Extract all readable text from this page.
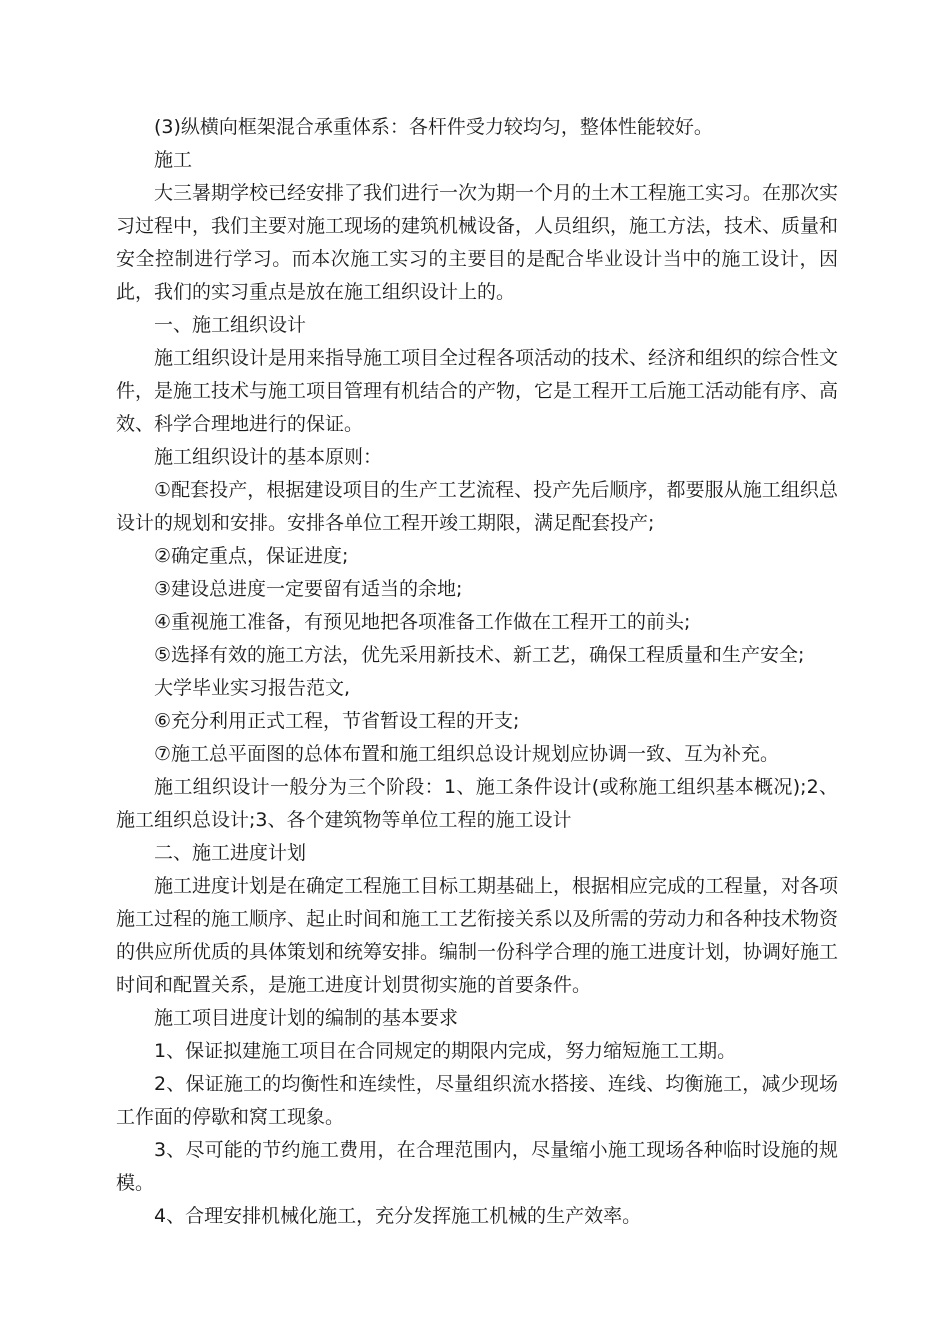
(3)纵横向框架混合承重体系：各杆件受力较均匀，整体性能较好。

施工

大三暑期学校已经安排了我们进行一次为期一个月的土木工程施工实习。在那次实习过程中，我们主要对施工现场的建筑机械设备，人员组织，施工方法，技术、质量和安全控制进行学习。而本次施工实习的主要目的是配合毕业设计当中的施工设计，因此，我们的实习重点是放在施工组织设计上的。

一、施工组织设计

施工组织设计是用来指导施工项目全过程各项活动的技术、经济和组织的综合性文件，是施工技术与施工项目管理有机结合的产物，它是工程开工后施工活动能有序、高效、科学合理地进行的保证。

施工组织设计的基本原则：

①配套投产，根据建设项目的生产工艺流程、投产先后顺序，都要服从施工组织总设计的规划和安排。安排各单位工程开竣工期限，满足配套投产;

②确定重点，保证进度;

③建设总进度一定要留有适当的余地;

④重视施工准备，有预见地把各项准备工作做在工程开工的前头;

⑤选择有效的施工方法，优先采用新技术、新工艺，确保工程质量和生产安全;

大学毕业实习报告范文,

⑥充分利用正式工程，节省暂设工程的开支;

⑦施工总平面图的总体布置和施工组织总设计规划应协调一致、互为补充。

施工组织设计一般分为三个阶段：1、施工条件设计(或称施工组织基本概况);2、施工组织总设计;3、各个建筑物等单位工程的施工设计

二、施工进度计划

施工进度计划是在确定工程施工目标工期基础上，根据相应完成的工程量，对各项施工过程的施工顺序、起止时间和施工工艺衔接关系以及所需的劳动力和各种技术物资的供应所优质的具体策划和统筹安排。编制一份科学合理的施工进度计划，协调好施工时间和配置关系，是施工进度计划贯彻实施的首要条件。

施工项目进度计划的编制的基本要求

1、保证拟建施工项目在合同规定的期限内完成，努力缩短施工工期。

2、保证施工的均衡性和连续性，尽量组织流水搭接、连线、均衡施工，减少现场工作面的停歇和窝工现象。

3、尽可能的节约施工费用，在合理范围内，尽量缩小施工现场各种临时设施的规模。

4、合理安排机械化施工，充分发挥施工机械的生产效率。
